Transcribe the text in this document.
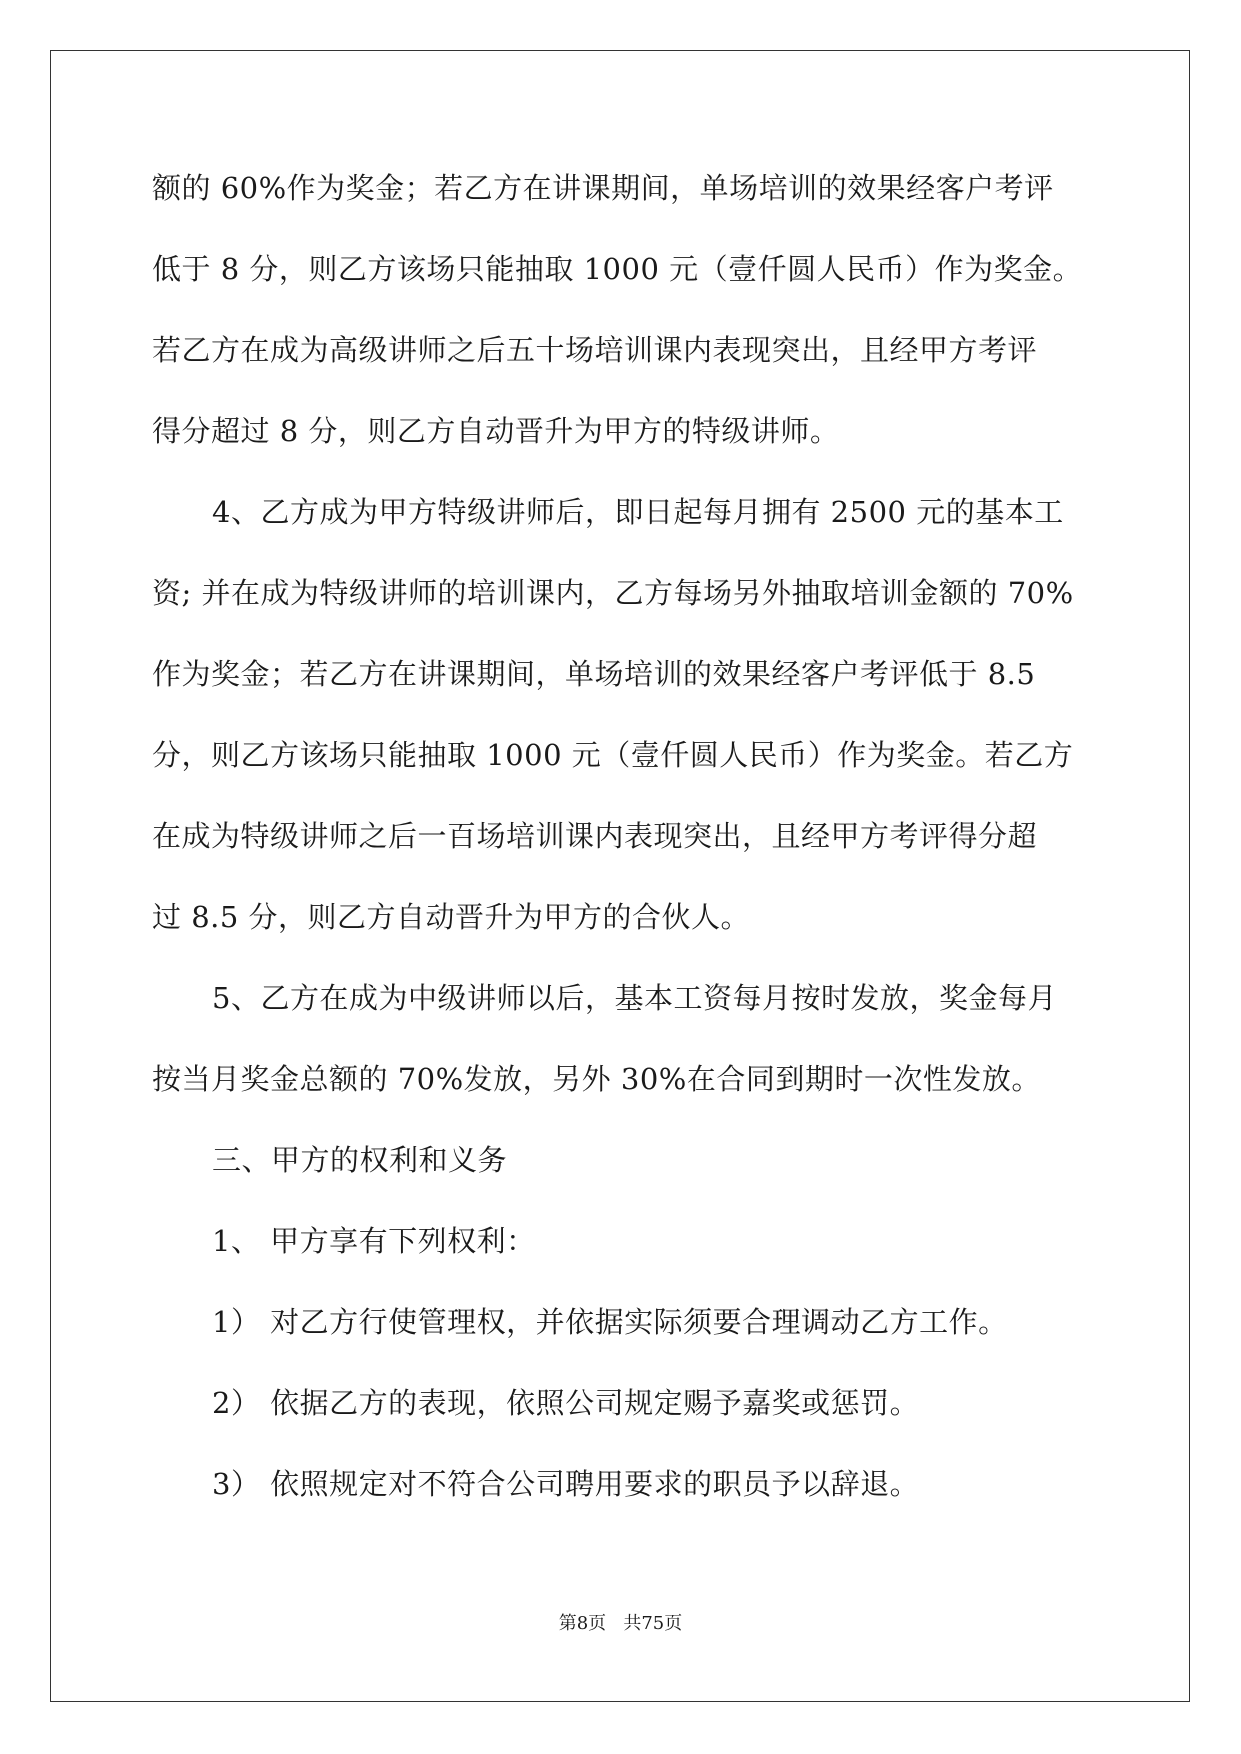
额的 60%作为奖金；若乙方在讲课期间，单场培训的效果经客户考评
低于 8 分，则乙方该场只能抽取 1000 元（壹仟圆人民币）作为奖金。
若乙方在成为高级讲师之后五十场培训课内表现突出，且经甲方考评
得分超过 8 分，则乙方自动晋升为甲方的特级讲师。
4、乙方成为甲方特级讲师后，即日起每月拥有 2500 元的基本工
资; 并在成为特级讲师的培训课内，乙方每场另外抽取培训金额的 70%
作为奖金；若乙方在讲课期间，单场培训的效果经客户考评低于 8.5
分，则乙方该场只能抽取 1000 元（壹仟圆人民币）作为奖金。若乙方
在成为特级讲师之后一百场培训课内表现突出，且经甲方考评得分超
过 8.5 分，则乙方自动晋升为甲方的合伙人。
5、乙方在成为中级讲师以后，基本工资每月按时发放，奖金每月
按当月奖金总额的 70%发放，另外 30%在合同到期时一次性发放。
三、甲方的权利和义务
1、 甲方享有下列权利：
1） 对乙方行使管理权，并依据实际须要合理调动乙方工作。
2） 依据乙方的表现，依照公司规定赐予嘉奖或惩罚。
3） 依照规定对不符合公司聘用要求的职员予以辞退。
第8页   共75页
